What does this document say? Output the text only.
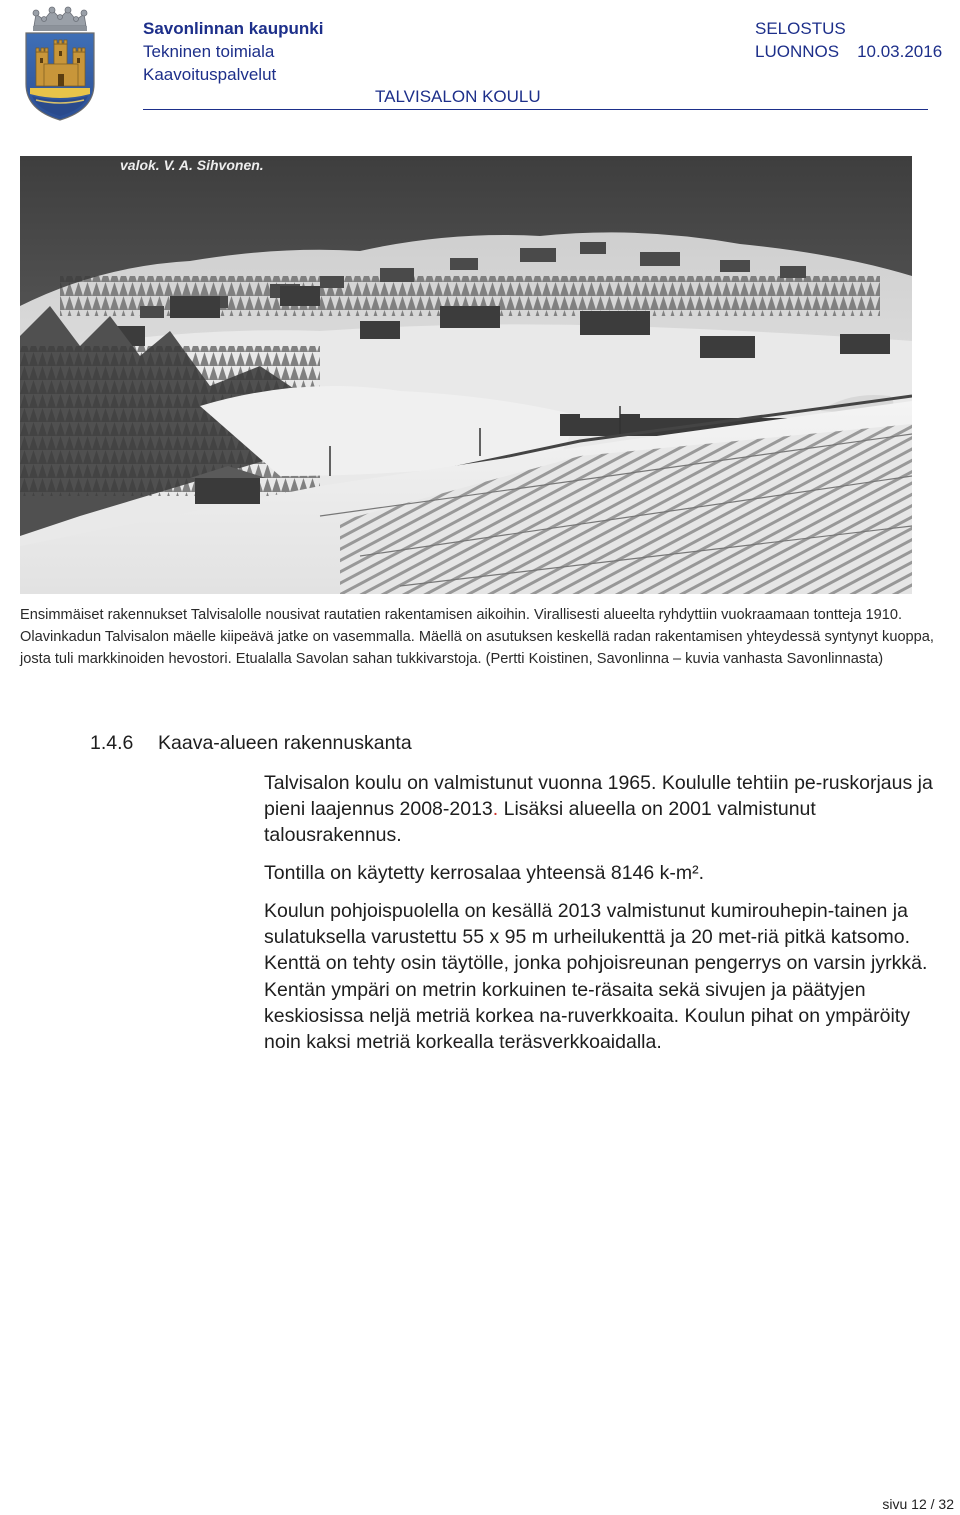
Savonlinnan kaupunki
Tekninen toimiala
Kaavoituspalvelut
SELOSTUS
LUONNOS 10.03.2016
TALVISALON KOULU
valok. V. A. Sihvonen.
Ensimmäiset rakennukset Talvisalolle nousivat rautatien rakentamisen aikoihin. Virallisesti alueelta ryhdyttiin vuokraamaan tontteja 1910. Olavinkadun Talvisalon mäelle kiipeävä jatke on vasemmalla. Mäellä on asutuksen keskellä radan rakentamisen yhteydessä syntynyt kuoppa, josta tuli markkinoiden hevostori. Etualalla Savolan sahan tukkivarstoja. (Pertti Koistinen, Savonlinna – kuvia vanhasta Savonlinnasta)
1.4.6 Kaava-alueen rakennuskanta
Talvisalon koulu on valmistunut vuonna 1965. Koululle tehtiin pe-ruskorjaus ja pieni laajennus 2008-2013. Lisäksi alueella on 2001 valmistunut talousrakennus.
Tontilla on käytetty kerrosalaa yhteensä 8146 k-m².
Koulun pohjoispuolella on kesällä 2013 valmistunut kumirouhepin-tainen ja sulatuksella varustettu 55 x 95 m urheilukenttä ja 20 met-riä pitkä katsomo. Kenttä on tehty osin täytölle, jonka pohjoisreunan pengerrys on varsin jyrkkä. Kentän ympäri on metrin korkuinen te-räsaita sekä sivujen ja päätyjen keskiosissa neljä metriä korkea na-ruverkkoaita. Koulun pihat on ympäröity noin kaksi metriä korkealla teräsverkkoaidalla.
sivu 12 / 32
